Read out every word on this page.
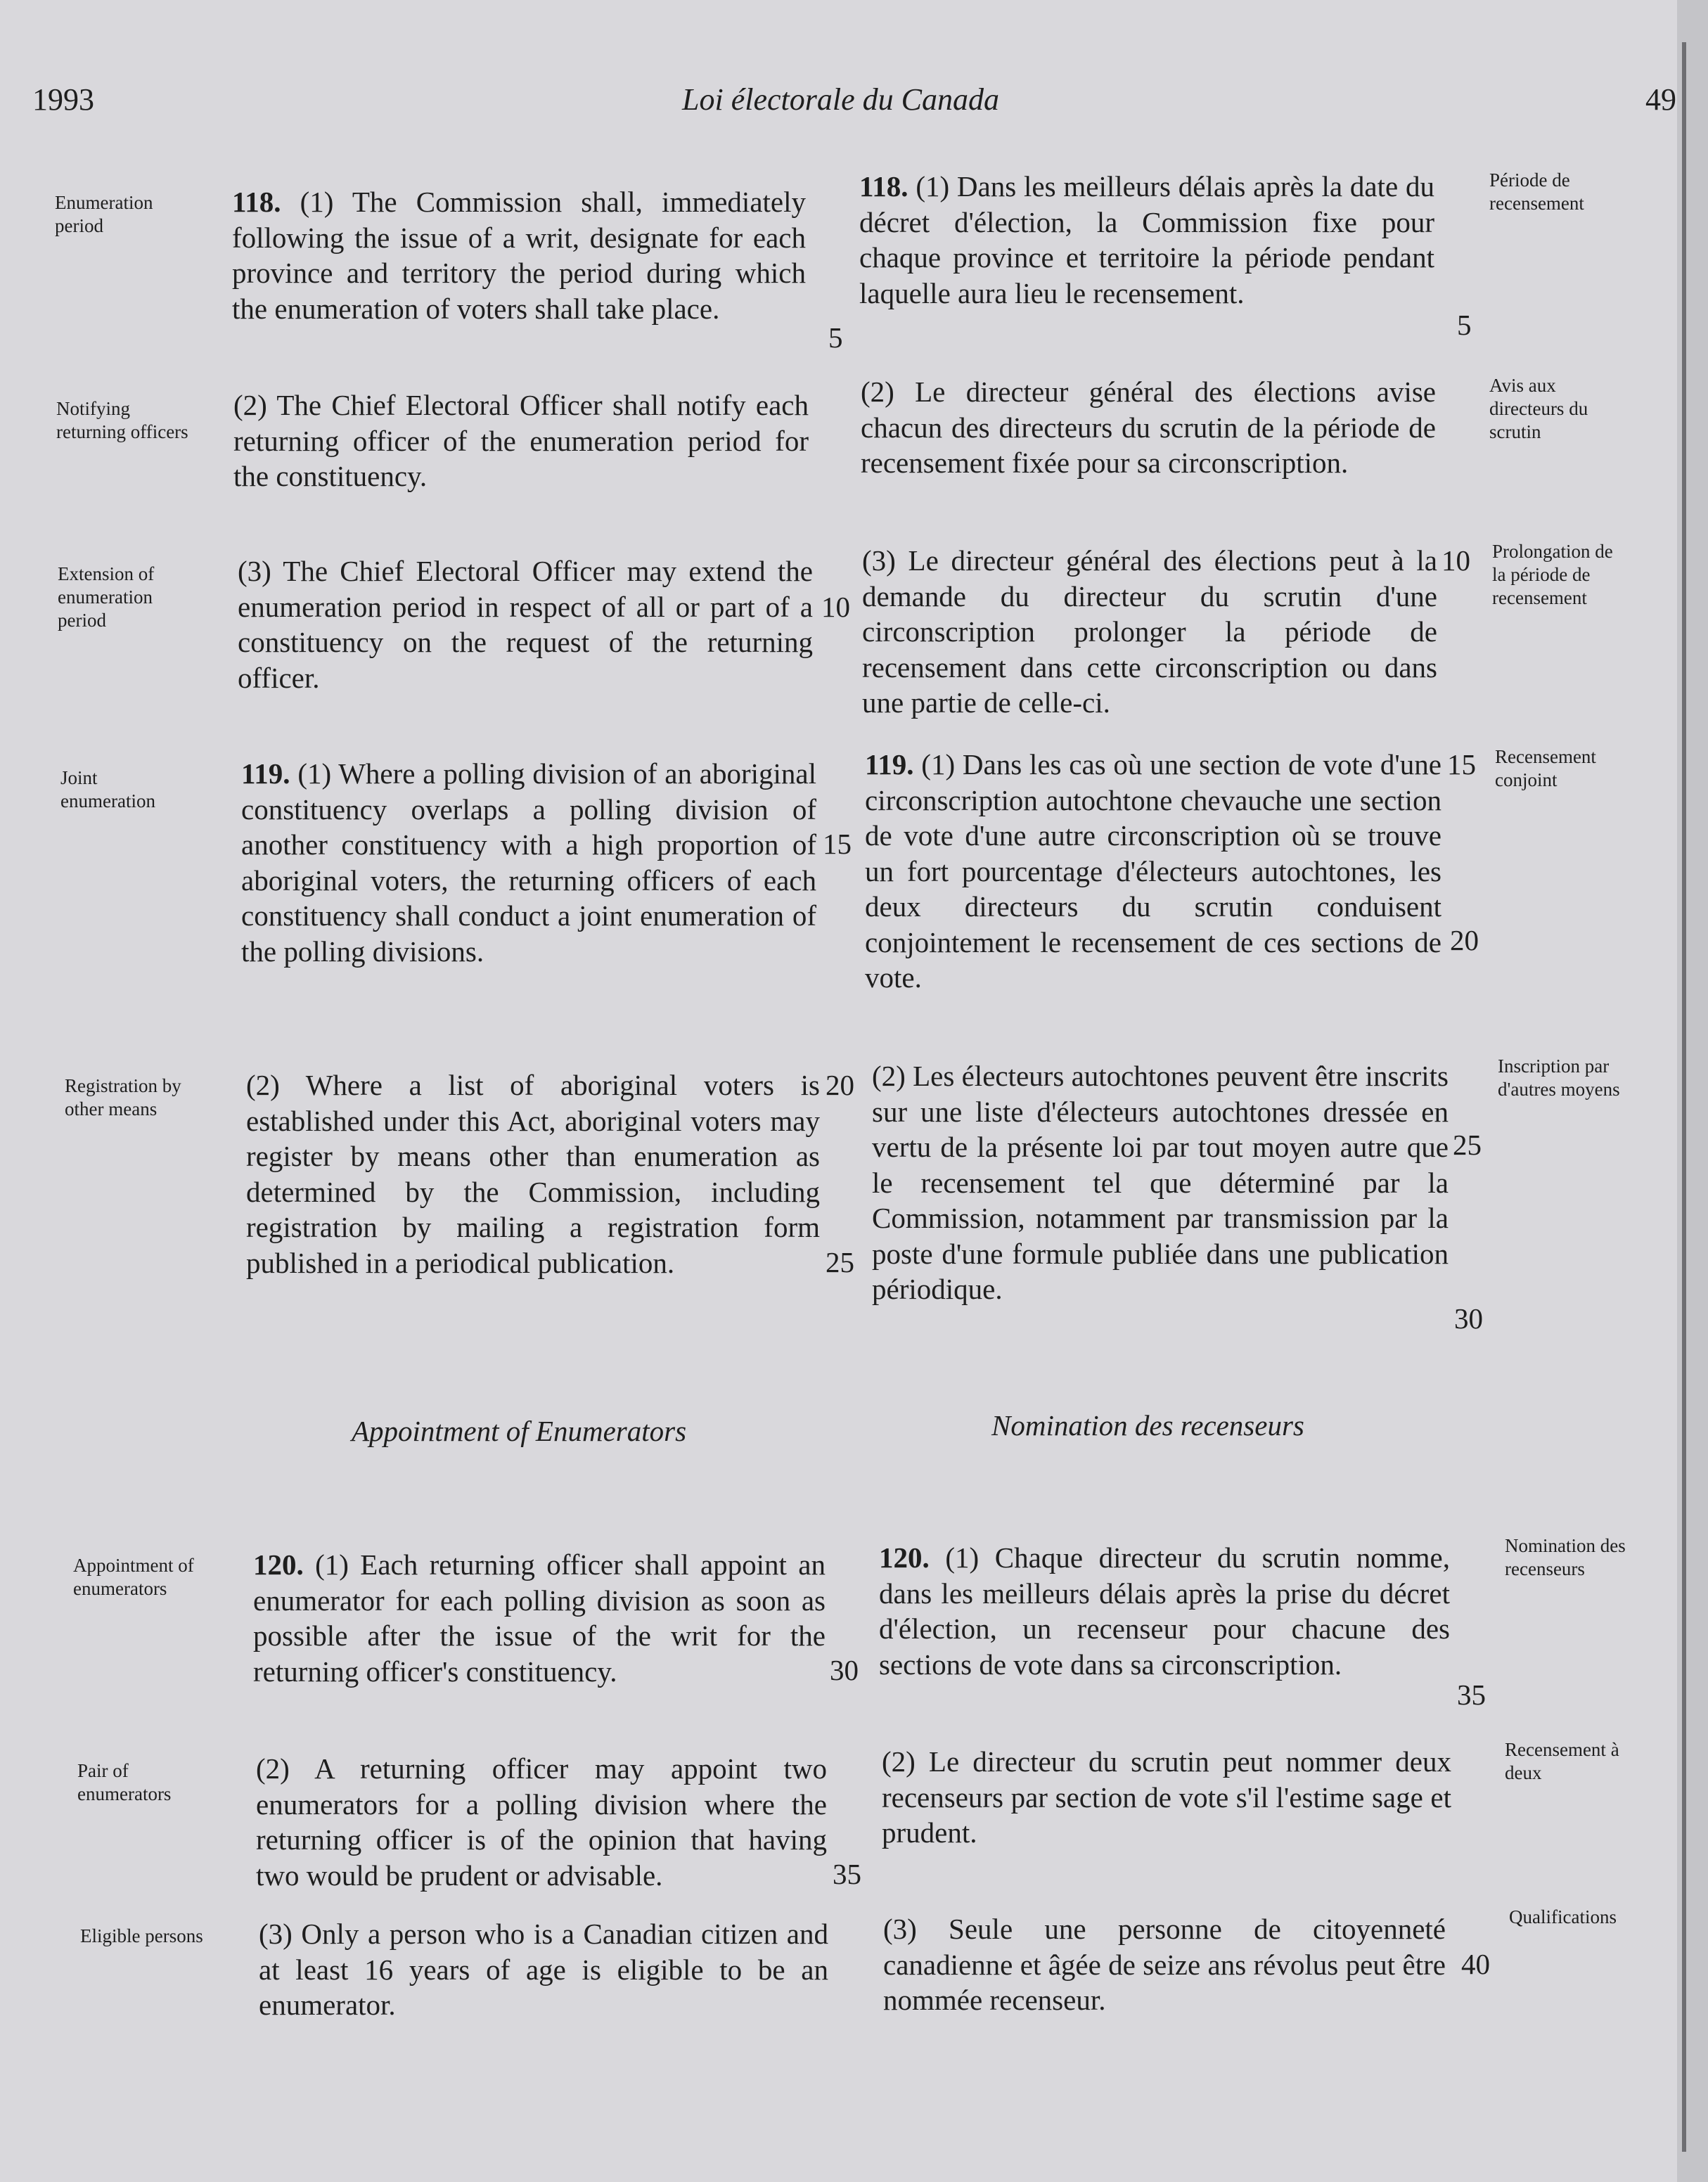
1993	Loi électorale du Canada	49
Enumeration
period
Notifying
returning officers
Extension of
enumeration
period
Joint
enumeration
Registration by
other means
Appointment of
enumerators
Pair of
enumerators
Eligible persons
Période de
recensement
Avis aux
directeurs du
scrutin
Prolongation de
la période de
recensement
Recensement
conjoint
Inscription par
d'autres moyens
Nomination des
recenseurs
Recensement à
deux
Qualifications

118. (1) The Commission shall, immediately following the issue of a writ, designate for each province and territory the period during which the enumeration of voters shall take place.

(2) The Chief Electoral Officer shall notify each returning officer of the enumeration period for the constituency.

(3) The Chief Electoral Officer may extend the enumeration period in respect of all or part of a constituency on the request of the returning officer.

119. (1) Where a polling division of an aboriginal constituency overlaps a polling division of another constituency with a high proportion of aboriginal voters, the returning officers of each constituency shall conduct a joint enumeration of the polling divisions.

(2) Where a list of aboriginal voters is established under this Act, aboriginal voters may register by means other than enumeration as determined by the Commission, including registration by mailing a registration form published in a periodical publication.

Appointment of Enumerators

120. (1) Each returning officer shall appoint an enumerator for each polling division as soon as possible after the issue of the writ for the returning officer's constituency.

(2) A returning officer may appoint two enumerators for a polling division where the returning officer is of the opinion that having two would be prudent or advisable.

(3) Only a person who is a Canadian citizen and at least 16 years of age is eligible to be an enumerator.

5
10
15
20
25
30
35

118. (1) Dans les meilleurs délais après la date du décret d'élection, la Commission fixe pour chaque province et territoire la période pendant laquelle aura lieu le recensement.

(2) Le directeur général des élections avise chacun des directeurs du scrutin de la période de recensement fixée pour sa circonscription.

(3) Le directeur général des élections peut à la demande du directeur du scrutin d'une circonscription prolonger la période de recensement dans cette circonscription ou dans une partie de celle-ci.

119. (1) Dans les cas où une section de vote d'une circonscription autochtone chevauche une section de vote d'une autre circonscription où se trouve un fort pourcentage d'électeurs autochtones, les deux directeurs du scrutin conduisent conjointement le recensement de ces sections de vote.

(2) Les électeurs autochtones peuvent être inscrits sur une liste d'électeurs autochtones dressée en vertu de la présente loi par tout moyen autre que le recensement tel que déterminé par la Commission, notamment par transmission par la poste d'une formule publiée dans une publication périodique.

Nomination des recenseurs

120. (1) Chaque directeur du scrutin nomme, dans les meilleurs délais après la prise du décret d'élection, un recenseur pour chacune des sections de vote dans sa circonscription.

(2) Le directeur du scrutin peut nommer deux recenseurs par section de vote s'il l'estime sage et prudent.

(3) Seule une personne de citoyenneté canadienne et âgée de seize ans révolus peut être nommée recenseur.

5
10
15
20
25
30
35
40
